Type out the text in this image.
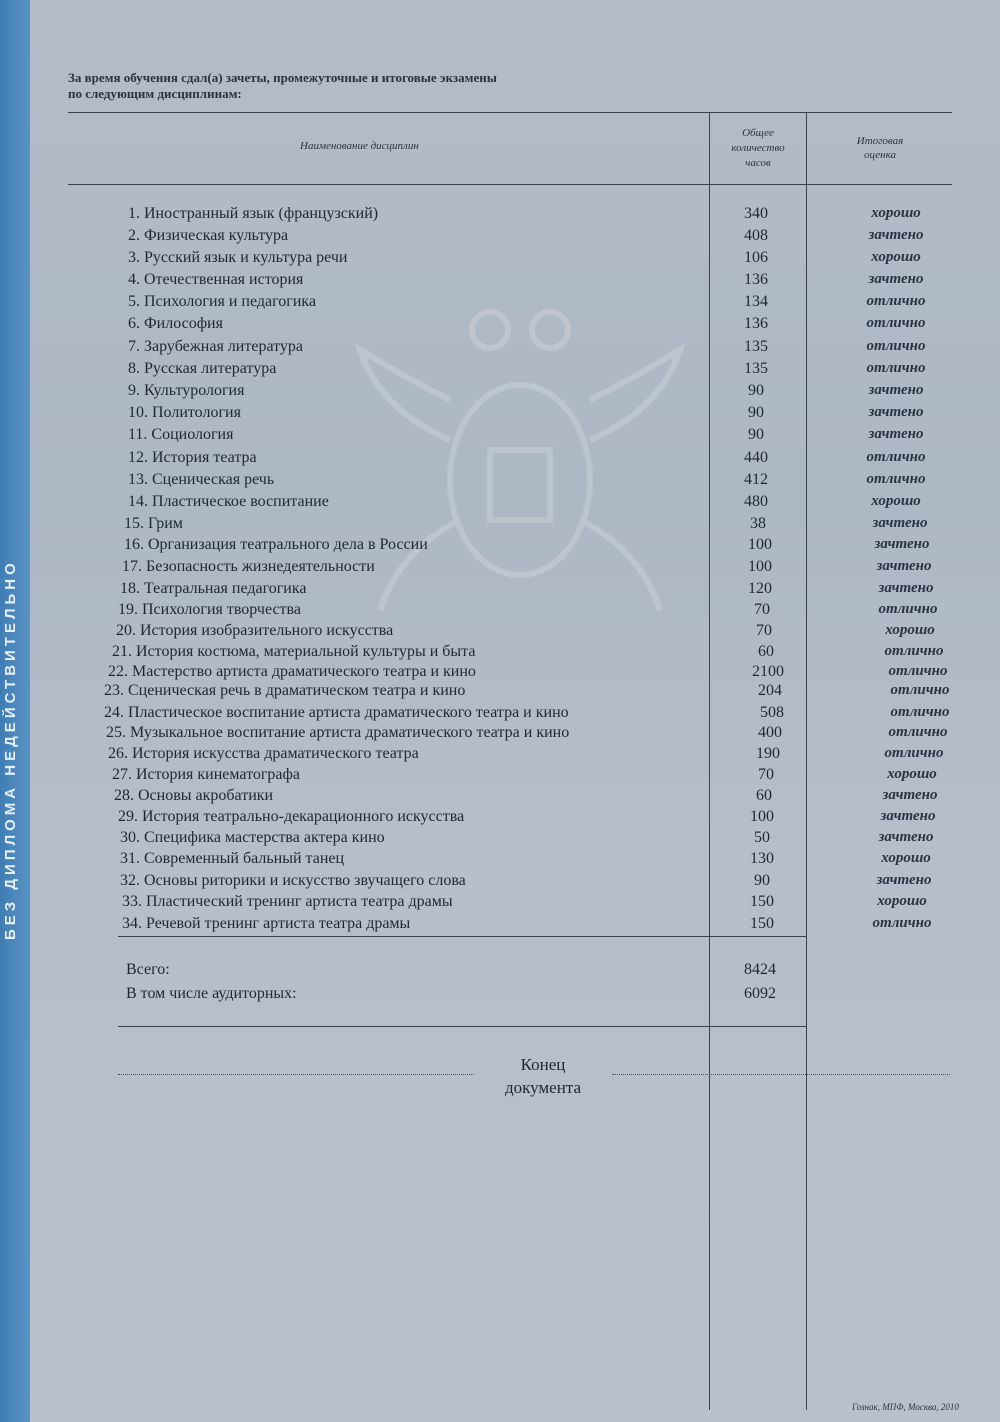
БЕЗ ДИПЛОМА НЕДЕЙСТВИТЕЛЬНО
За время обучения сдал(а) зачеты, промежуточные и итоговые экзамены
по следующим дисциплинам:
Наименование дисциплин
Общее
количество
часов
Итоговая
оценка
1. Иностранный язык (французский)	340	хорошо
2. Физическая культура	408	зачтено
3. Русский язык и культура речи	106	хорошо
4. Отечественная история	136	зачтено
5. Психология и педагогика	134	отлично
6. Философия	136	отлично
7. Зарубежная литература	135	отлично
8. Русская литература	135	отлично
9. Культурология	90	зачтено
10. Политология	90	зачтено
11. Социология	90	зачтено
12. История театра	440	отлично
13. Сценическая речь	412	отлично
14. Пластическое воспитание	480	хорошо
15. Грим	38	зачтено
16. Организация театрального дела в России	100	зачтено
17. Безопасность жизнедеятельности	100	зачтено
18. Театральная педагогика	120	зачтено
19. Психология творчества	70	отлично
20. История изобразительного искусства	70	хорошо
21. История костюма, материальной культуры и быта	60	отлично
22. Мастерство артиста драматического театра и кино	2100	отлично
23. Сценическая речь в драматическом театра и кино	204	отлично
24. Пластическое воспитание артиста драматического театра и кино	508	отлично
25. Музыкальное воспитание артиста драматического театра и кино	400	отлично
26. История искусства драматического театра	190	отлично
27. История кинематографа	70	хорошо
28. Основы акробатики	60	зачтено
29. История театрально-декарационного искусства	100	зачтено
30. Специфика мастерства актера кино	50	зачтено
31. Современный бальный танец	130	хорошо
32. Основы риторики и искусство звучащего слова	90	зачтено
33. Пластический тренинг артиста театра драмы	150	хорошо
34. Речевой тренинг артиста театра драмы	150	отлично
Всего:	8424
В том числе аудиторных:	6092
Конец
документа
Гознак, МПФ, Москва, 2010
